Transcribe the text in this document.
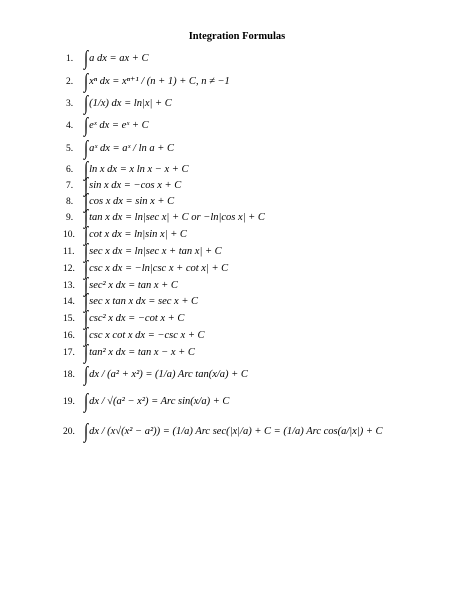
Integration Formulas
1. ∫a dx = ax + C
2. ∫xⁿ dx = xⁿ⁺¹ / (n + 1) + C, n ≠ −1
3. ∫(1/x) dx = ln|x| + C
4. ∫eˣ dx = eˣ + C
5. ∫aˣ dx = aˣ / ln a + C
6. ∫ln x dx = x ln x − x + C
7. ∫sin x dx = −cos x + C
8. ∫cos x dx = sin x + C
9. ∫tan x dx = ln|sec x| + C or −ln|cos x| + C
10. ∫cot x dx = ln|sin x| + C
11. ∫sec x dx = ln|sec x + tan x| + C
12. ∫csc x dx = −ln|csc x + cot x| + C
13. ∫sec² x dx = tan x + C
14. ∫sec x tan x dx = sec x + C
15. ∫csc² x dx = −cot x + C
16. ∫csc x cot x dx = −csc x + C
17. ∫tan² x dx = tan x − x + C
18. ∫dx / (a² + x²) = (1/a) Arc tan(x/a) + C
19. ∫dx / √(a² − x²) = Arc sin(x/a) + C
20. ∫dx / (x√(x² − a²)) = (1/a) Arc sec(|x|/a) + C = (1/a) Arc cos(a/|x|) + C
